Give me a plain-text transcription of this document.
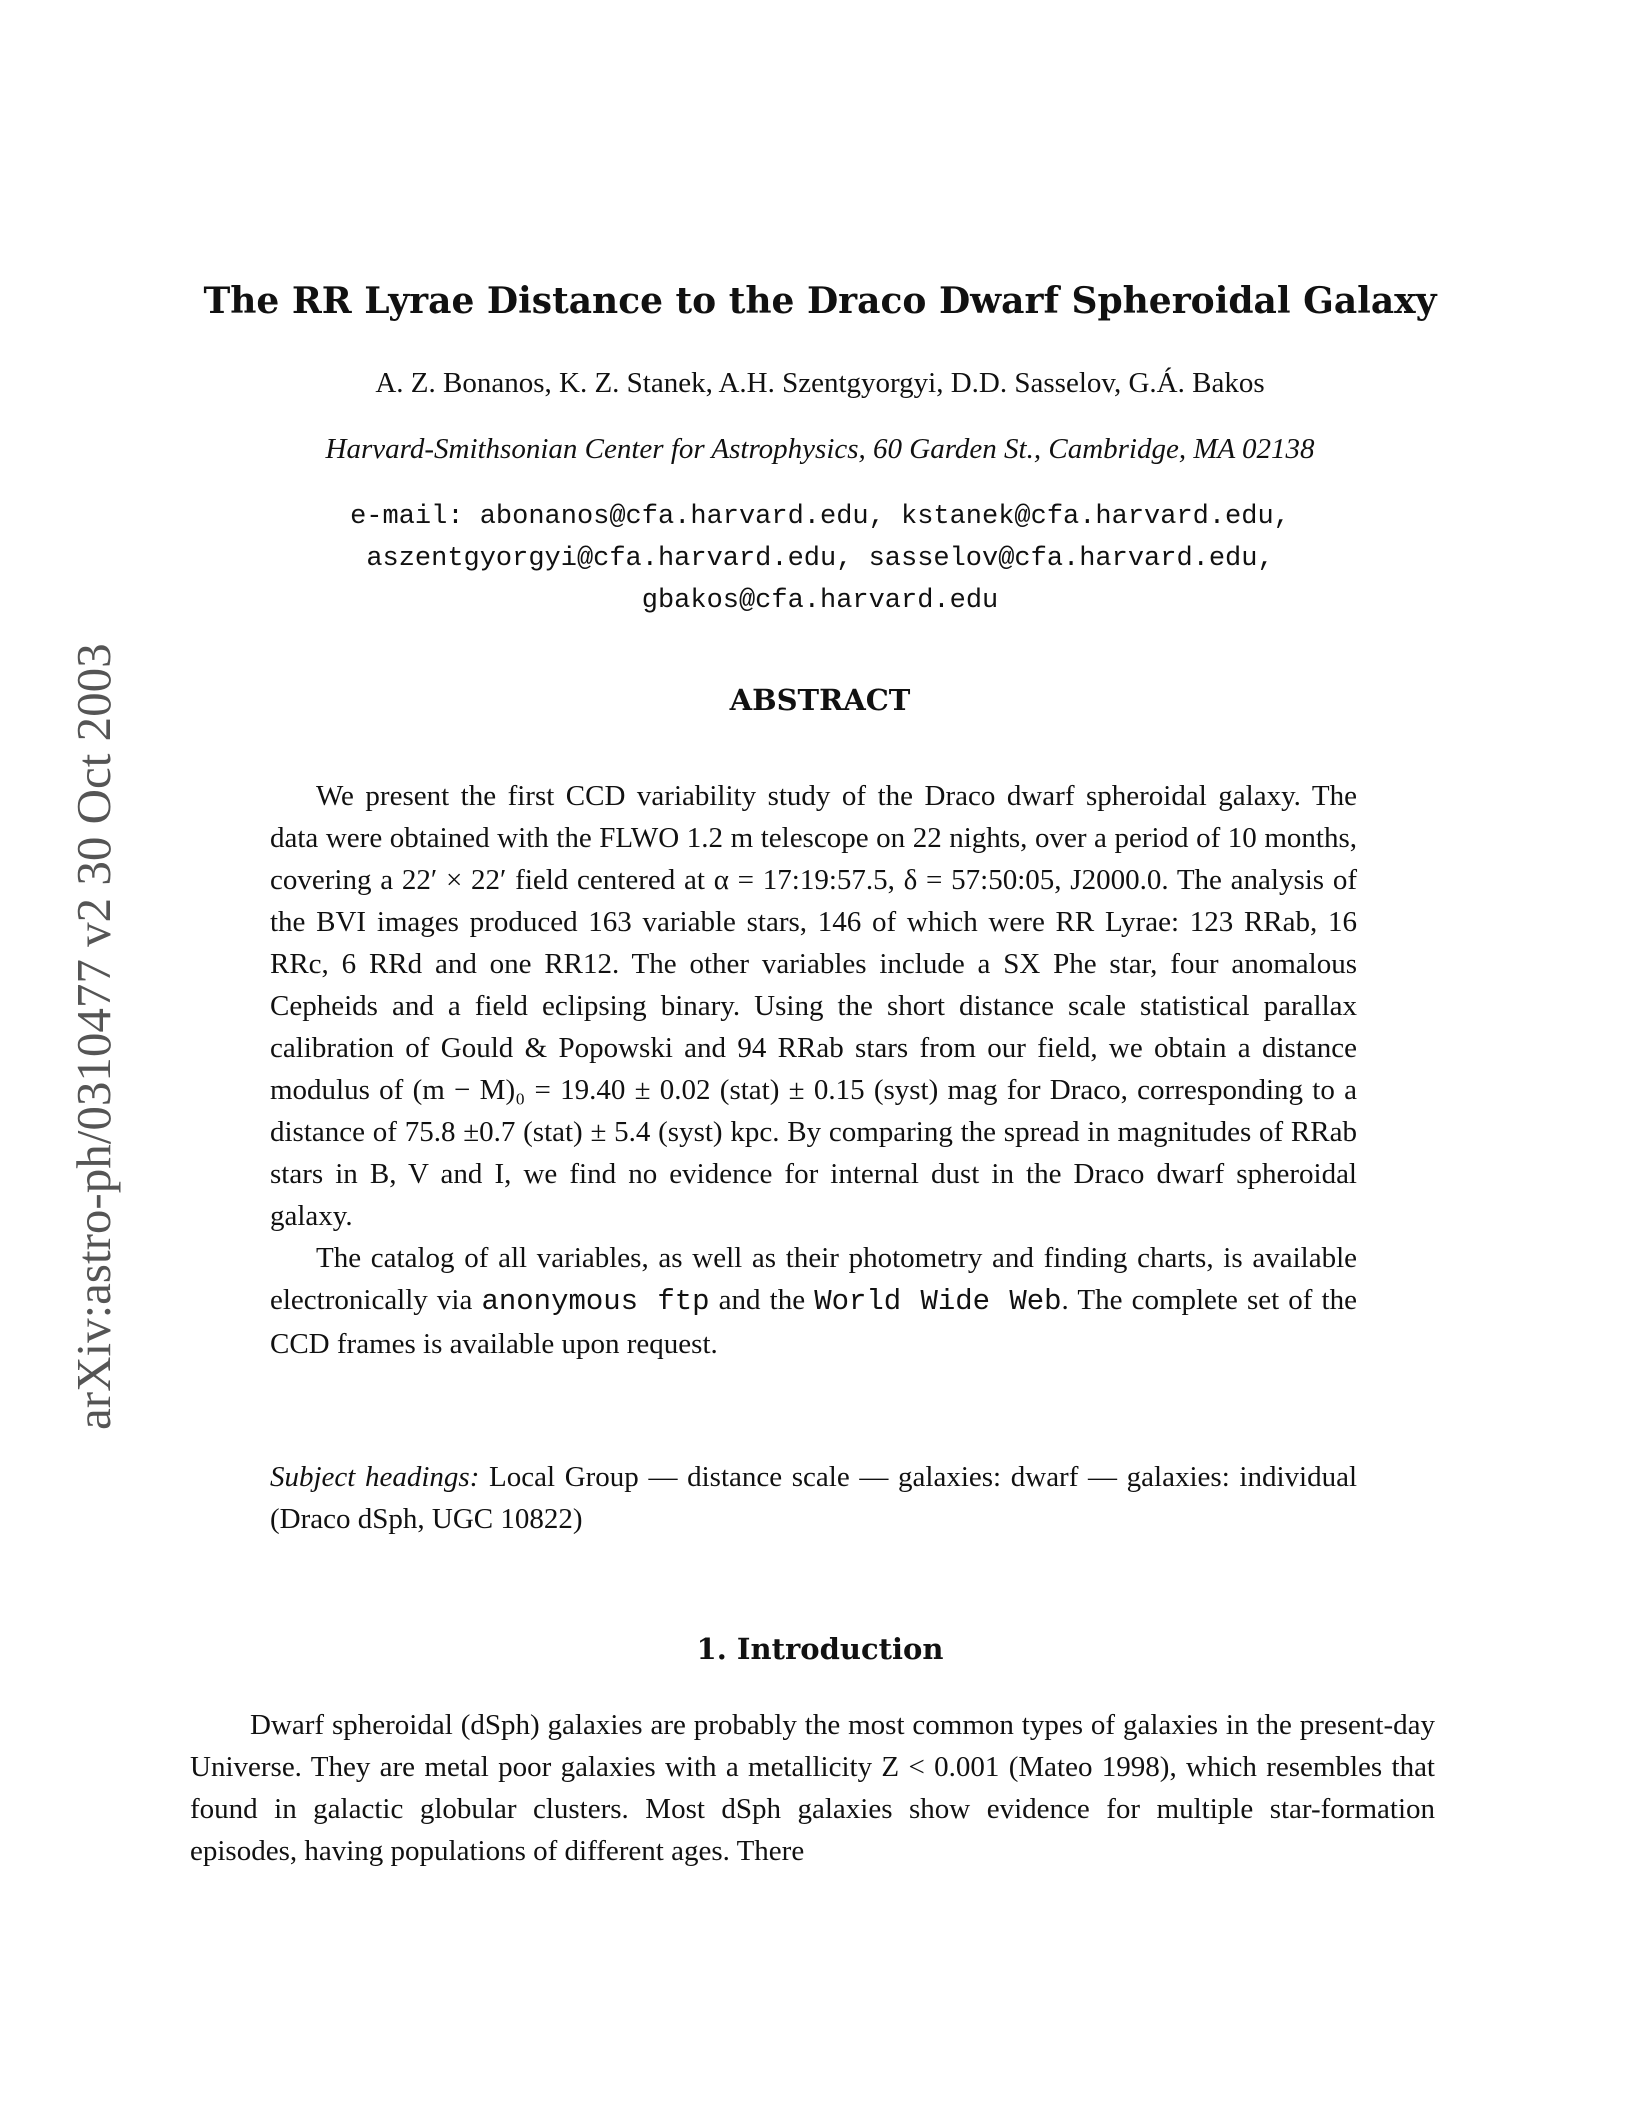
arXiv:astro-ph/0310477 v2 30 Oct 2003
The RR Lyrae Distance to the Draco Dwarf Spheroidal Galaxy
A. Z. Bonanos, K. Z. Stanek, A.H. Szentgyorgyi, D.D. Sasselov, G.Á. Bakos
Harvard-Smithsonian Center for Astrophysics, 60 Garden St., Cambridge, MA 02138
e-mail: abonanos@cfa.harvard.edu, kstanek@cfa.harvard.edu,
aszentgyorgyi@cfa.harvard.edu, sasselov@cfa.harvard.edu,
gbakos@cfa.harvard.edu
ABSTRACT

We present the first CCD variability study of the Draco dwarf spheroidal galaxy. The data were obtained with the FLWO 1.2 m telescope on 22 nights, over a period of 10 months, covering a 22′ × 22′ field centered at α = 17:19:57.5, δ = 57:50:05, J2000.0. The analysis of the BVI images produced 163 variable stars, 146 of which were RR Lyrae: 123 RRab, 16 RRc, 6 RRd and one RR12. The other variables include a SX Phe star, four anomalous Cepheids and a field eclipsing binary. Using the short distance scale statistical parallax calibration of Gould & Popowski and 94 RRab stars from our field, we obtain a distance modulus of (m − M)₀ = 19.40 ± 0.02 (stat) ± 0.15 (syst) mag for Draco, corresponding to a distance of 75.8 ±0.7 (stat) ± 5.4 (syst) kpc. By comparing the spread in magnitudes of RRab stars in B, V and I, we find no evidence for internal dust in the Draco dwarf spheroidal galaxy.

The catalog of all variables, as well as their photometry and finding charts, is available electronically via anonymous ftp and the World Wide Web. The complete set of the CCD frames is available upon request.

Subject headings: Local Group — distance scale — galaxies: dwarf — galaxies: individual (Draco dSph, UGC 10822)
1. Introduction

Dwarf spheroidal (dSph) galaxies are probably the most common types of galaxies in the present-day Universe. They are metal poor galaxies with a metallicity Z < 0.001 (Mateo 1998), which resembles that found in galactic globular clusters. Most dSph galaxies show evidence for multiple star-formation episodes, having populations of different ages. There
